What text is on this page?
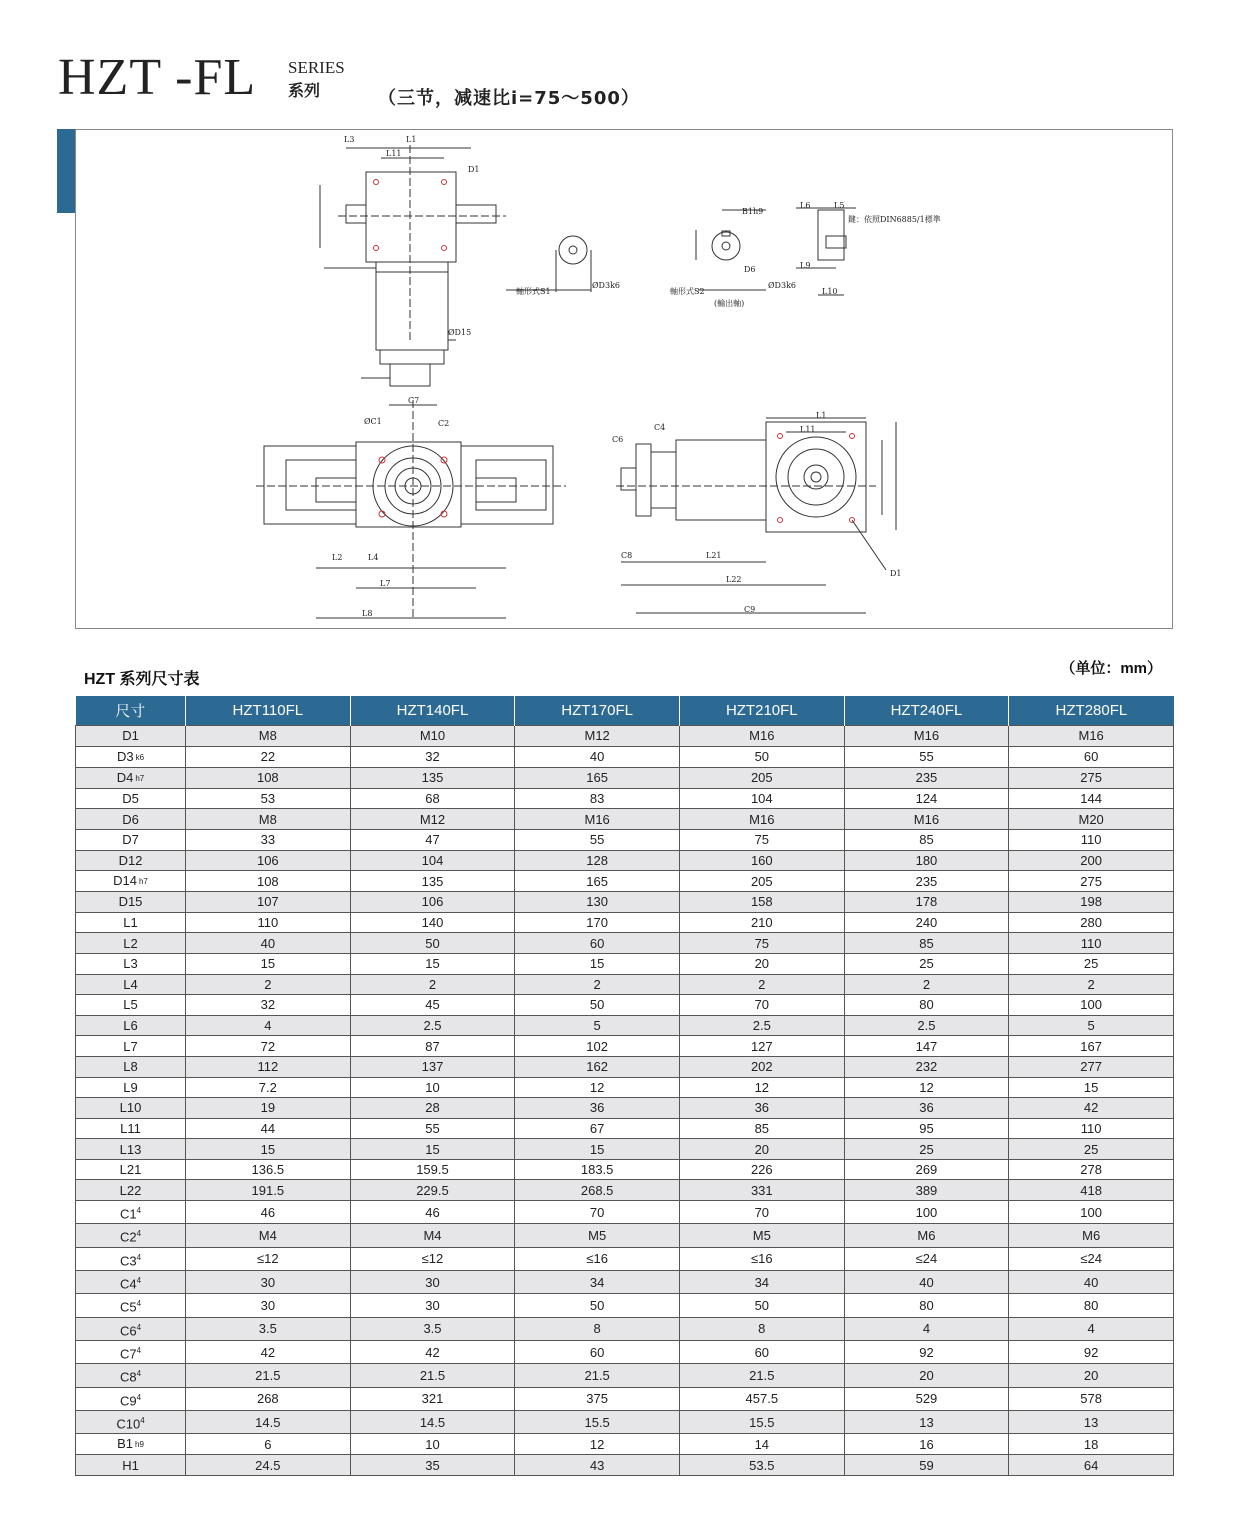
HZT -FL SERIES
系列	（三节，减速比i=75～500）
L1
L3
L11
D1
ØD15
軸形式S1
ØD3k6
軸形式S2
ØD3k6
(輸出軸)
B1h9
D6
L6	L5
鍵：依照DIN6885/1標準
L9
L10
C7
ØC1	C2
L2	L4
L7
L8
C4
C6
C8	L21
L22
C9
L1
L11
D1
HZT 系列尺寸表
（单位：mm）
尺寸	HZT110FL	HZT140FL	HZT170FL	HZT210FL	HZT240FL	HZT280FL
D1	M8	M10	M12	M16	M16	M16
D3 k6	22	32	40	50	55	60
D4 h7	108	135	165	205	235	275
D5	53	68	83	104	124	144
D6	M8	M12	M16	M16	M16	M20
D7	33	47	55	75	85	110
D12	106	104	128	160	180	200
D14 h7	108	135	165	205	235	275
D15	107	106	130	158	178	198
L1	110	140	170	210	240	280
L2	40	50	60	75	85	110
L3	15	15	15	20	25	25
L4	2	2	2	2	2	2
L5	32	45	50	70	80	100
L6	4	2.5	5	2.5	2.5	5
L7	72	87	102	127	147	167
L8	112	137	162	202	232	277
L9	7.2	10	12	12	12	15
L10	19	28	36	36	36	42
L11	44	55	67	85	95	110
L13	15	15	15	20	25	25
L21	136.5	159.5	183.5	226	269	278
L22	191.5	229.5	268.5	331	389	418
$C1^4$	46	46	70	70	100	100
$C2^4$	M4	M4	M5	M5	M6	M6
$C3^4$	≤12	≤12	≤16	≤16	≤24	≤24
$C4^4$	30	30	34	34	40	40
$C5^4$	30	30	50	50	80	80
$C6^4$	3.5	3.5	8	8	4	4
$C7^4$	42	42	60	60	92	92
$C8^4$	21.5	21.5	21.5	21.5	20	20
$C9^4$	268	321	375	457.5	529	578
$C10^4$	14.5	14.5	15.5	15.5	13	13
B1 h9	6	10	12	14	16	18
H1	24.5	35	43	53.5	59	64
